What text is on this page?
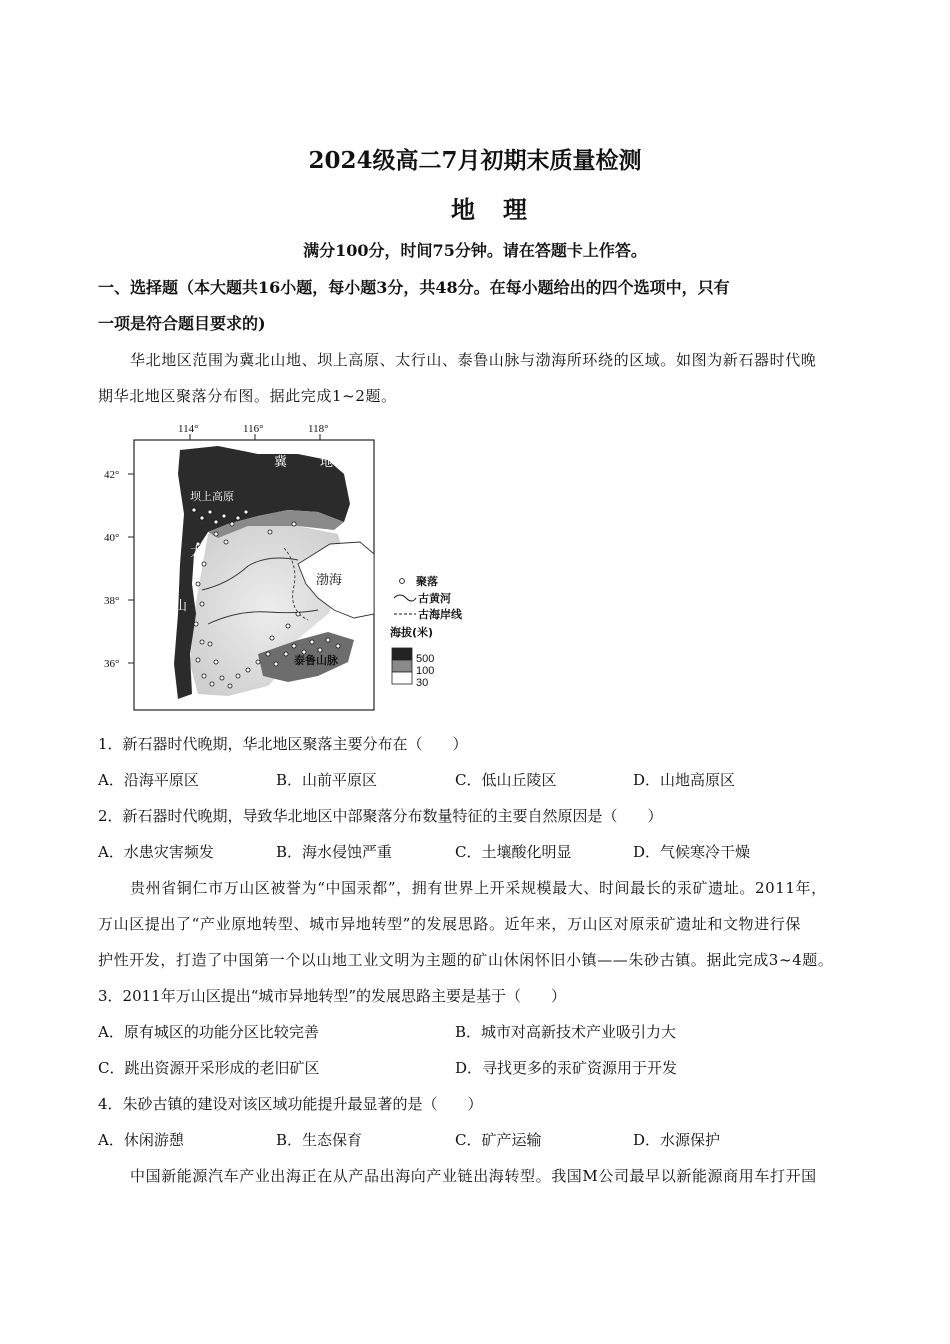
2024级高二7月初期末质量检测
地理
满分100分，时间75分钟。请在答题卡上作答。
一、选择题（本大题共16小题，每小题3分，共48分。在每小题给出的四个选项中，只有
一项是符合题目要求的)
华北地区范围为冀北山地、坝上高原、太行山、泰鲁山脉与渤海所环绕的区域。如图为新石器时代晚
期华北地区聚落分布图。据此完成1~2题。
114°	116°	118°
42°
40°
38°
36°
冀	地
坝上高原
太
山
渤海
泰鲁山脉
聚落
古黄河
古海岸线
海拔(米)
500
100
30
1．新石器时代晚期，华北地区聚落主要分布在（　　）
A．沿海平原区	B．山前平原区	C．低山丘陵区	D．山地高原区
2．新石器时代晚期，导致华北地区中部聚落分布数量特征的主要自然原因是（　　）
A．水患灾害频发	B．海水侵蚀严重	C．土壤酸化明显	D．气候寒冷干燥
贵州省铜仁市万山区被誉为“中国汞都”，拥有世界上开采规模最大、时间最长的汞矿遗址。2011年，
万山区提出了“产业原地转型、城市异地转型”的发展思路。近年来，万山区对原汞矿遗址和文物进行保
护性开发，打造了中国第一个以山地工业文明为主题的矿山休闲怀旧小镇——朱砂古镇。据此完成3~4题。
3．2011年万山区提出“城市异地转型”的发展思路主要是基于（　　）
A．原有城区的功能分区比较完善	B．城市对高新技术产业吸引力大
C．跳出资源开采形成的老旧矿区	D．寻找更多的汞矿资源用于开发
4．朱砂古镇的建设对该区域功能提升最显著的是（　　）
A．休闲游憩	B．生态保育	C．矿产运输	D．水源保护
中国新能源汽车产业出海正在从产品出海向产业链出海转型。我国M公司最早以新能源商用车打开国
